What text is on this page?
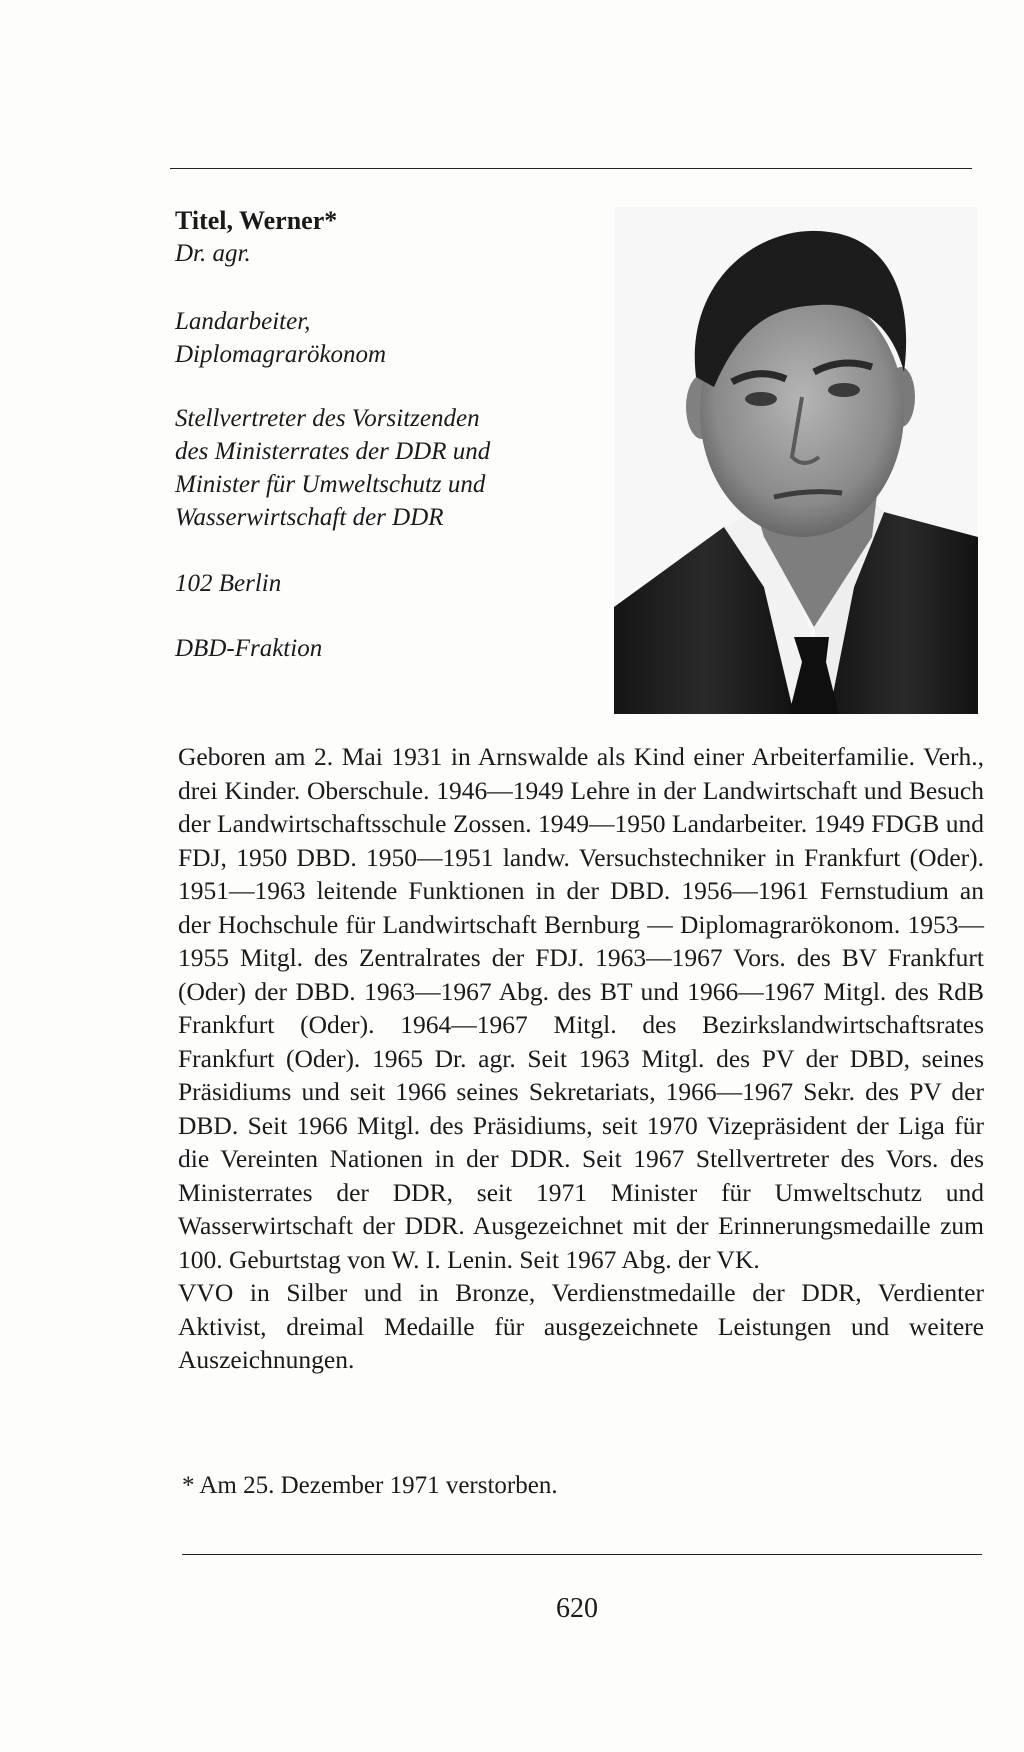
Titel, Werner*
Dr. agr.
Landarbeiter,
Diplomagrarökonom
Stellvertreter des Vorsitzenden
des Ministerrates der DDR und
Minister für Umweltschutz und
Wasserwirtschaft der DDR
102 Berlin
DBD-Fraktion

Geboren am 2. Mai 1931 in Arnswalde als Kind einer Arbeiterfamilie. Verh., drei Kinder. Oberschule. 1946—1949 Lehre in der Landwirtschaft und Besuch der Landwirtschaftsschule Zossen. 1949—1950 Landarbeiter. 1949 FDGB und FDJ, 1950 DBD. 1950—1951 landw. Versuchstechniker in Frankfurt (Oder). 1951—1963 leitende Funktionen in der DBD. 1956—1961 Fernstudium an der Hochschule für Landwirtschaft Bernburg — Diplomagrarökonom. 1953—1955 Mitgl. des Zentralrates der FDJ. 1963—1967 Vors. des BV Frankfurt (Oder) der DBD. 1963—1967 Abg. des BT und 1966—1967 Mitgl. des RdB Frankfurt (Oder). 1964—1967 Mitgl. des Bezirkslandwirtschaftsrates Frankfurt (Oder). 1965 Dr. agr. Seit 1963 Mitgl. des PV der DBD, seines Präsidiums und seit 1966 seines Sekretariats, 1966—1967 Sekr. des PV der DBD. Seit 1966 Mitgl. des Präsidiums, seit 1970 Vizepräsident der Liga für die Vereinten Nationen in der DDR. Seit 1967 Stellvertreter des Vors. des Ministerrates der DDR, seit 1971 Minister für Umweltschutz und Wasserwirtschaft der DDR. Ausgezeichnet mit der Erinnerungsmedaille zum 100. Geburtstag von W. I. Lenin. Seit 1967 Abg. der VK.

VVO in Silber und in Bronze, Verdienstmedaille der DDR, Verdienter Aktivist, dreimal Medaille für ausgezeichnete Leistungen und weitere Auszeichnungen.

* Am 25. Dezember 1971 verstorben.
620
